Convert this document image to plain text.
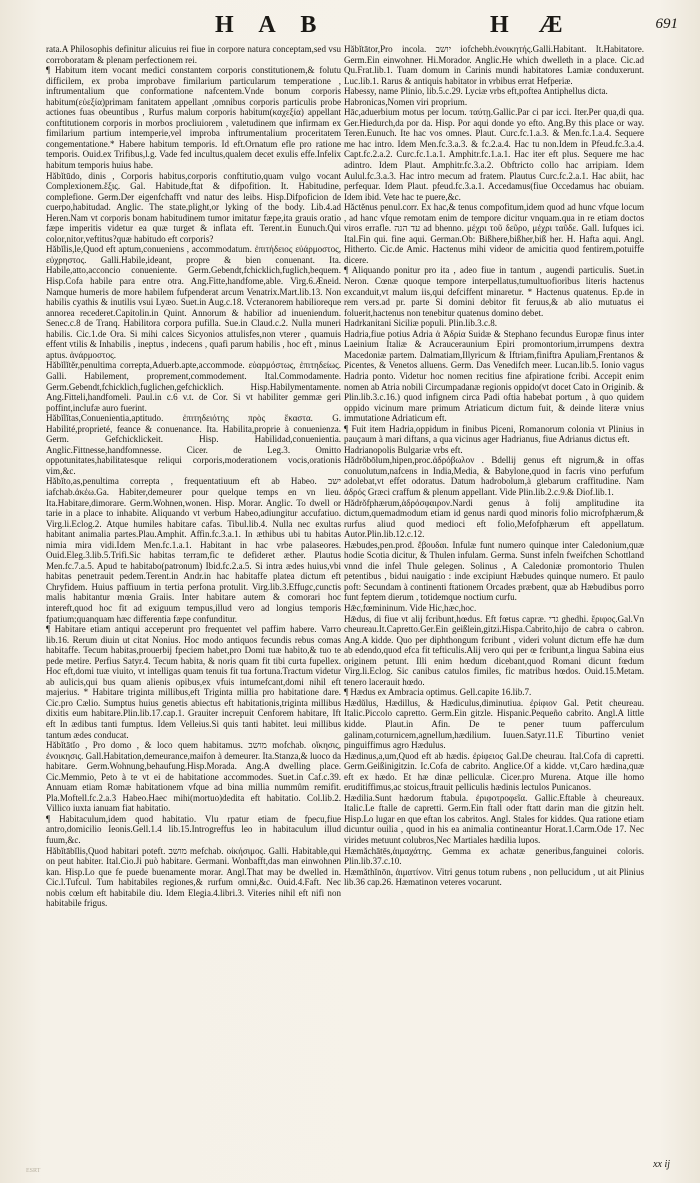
H A B	H Æ	691

rata.A Philosophis definitur alicuius rei fiue in corpore natura conceptam,sed vsu corroboratam & plenam perfectionem rei.

¶ Habitum item vocant medici constantem corporis constitutionem,& folutu difficilem, ex proba improbave fimilarium particularum temperatione , inftrumentalium que conformatione nafcentem.Vnde bonum corporis habitum(εὐεξία)primam fanitatem appellant ,omnibus corporis particulis probe actiones fuas obeuntibus , Rurfus malum corporis habitum(καχεξία) appellant conftitutionem corporis in morbos procliuiorem , valetudinem que infirmam ex fimilarium partium intemperie,vel improba inftrumentalium proceritatem congementatione.* Habere habitum temporis. Id eft.Ornatum efle pro ratione temporis. Ouid.ex Trifibus,l.g. Vade fed incultus,qualem decet exulis effe.Infelix habitum temporis huius habe.

Hăbĭtūdo, dinis , Corporis habitus,corporis conftitutio,quam vulgo vocant Complexionem.ἕξις. Gal. Habitude,ftat & difpofition. It. Habitudine, complefione. Germ.Der eigenfchafft vnd natur des leibs. Hisp.Difpoficion de cuerpo,habitudad. Anglic. The state,plight,or lyking of the body. Lib.4.ad Heren.Nam vt corporis bonam habitudinem tumor imitatur fæpe,ita grauis oratio fæpe imperitis videtur ea quæ turget & inflata eft. Terent.in Eunuch.Qui color,nitor,veftitus?quæ habitudo eft corporis?

Hăbĭlis,le,Quod eft aptum,conueniens , accommodatum. ἐπιτήδειος εὐάρμοστος, εὐχρηστος. Galli.Habile,ideant, propre & bien conuenant. Ita. Habile,atto,acconcio conueniente. Germ.Gebendt,fchicklich,fuglich,bequem. Hisp.Cofa habile para entre otra. Ang.Fitte,handfome,able. Virg.6.Æneid. Namque humeris de more habilem fufpenderat arcum Venatrix.Mart.lib.13. Non habilis cyathis & inutilis vsui Lyæo. Suet.in Aug.c.18. Vcteranorem habilioreque annorea recederet.Capitolin.in Quint. Annorum & habilior ad inueniendum. Senec.c.8 de Tranq. Habilitora corpora pufilla. Sue.in Claud.c.2. Nulla muneri habilis. Cic.1.de Ora. Si mihi calces Sicyonios attulisfes,non vterer , quamuis effent vtilis & Inhabilis , ineptus , indecens , quafi parum habilis , hoc eft , minus aptus. ἀνάρμοστος.

Hăbĭlĭtĕr,penultima correpta,Aduerb.apte,accommode. εὐαρμόστως, ἐπιτηδείως. Galli. Habilement, proprement,commodement. Ital.Commodamente. Germ.Gebendt,fchicklich,fuglichen,gefchicklich. Hisp.Habilymentamente. Ang.Fitteli,handfomeli. Paul.in c.6 v.t. de Cor. Si vt habiliter gemmæ geri poffint,inclufæ auro fuerint.

Hăbĭlĭtas,Conuenientia,aptitudo. ἐπιτηδειότης πρὸς ἕκαστα. G. Habilité,proprieté, feance & conuenance. Ita. Habilita,proprie à conuenienza. Germ. Gefchicklickeit. Hisp. Habilidad,conuenientia. Anglic.Fittnesse,handfomnesse. Cicer. de Leg.3. Omitto oppotunitates,habilitatesque reliqui corporis,moderationem vocis,orationis vim,&c.

Hăbĭto,as,penultima correpta , frequentatiuum eft ab Habeo. ישב iafchab.ἀκἐω.Ga. Habiter,demeurer pour quelque temps en vn lieu. Ita.Habitare,dimorare. Germ.Wohnen,wonen. Hisp. Morar. Anglic. To dwell or tarie in a place to inhabite. Aliquando vt verbum Habeo,adiungitur accufatiuo. Virg.li.Eclog.2. Atque humiles habitare cafas. Tibul.lib.4. Nulla nec exultas habitant animalia partes.Plau.Amphit. Affin.fc.3.a.1. In æthibus ubi tu habitas nimia mira vidi.Idem Men.fc.1.a.1. Habitant in hac vrbe palaseores. Ouid.Eleg.3.lib.5.Trifi.Sic habitas terram,fic te defideret æther. Plautus Men.fc.7.a.5. Apud te habitabo(patronum) Ibid.fc.2.a.5. Si intra ædes huius,vbi habitas penetrauit pedem.Terent.in Andr.in hac habitaffe platea dictum eft Chryfidem. Huius paffiuum in tertia perfona protulit. Virg.lib.3.Effugc,cunctis malis habitantur mœnia Graiis. Inter habitare autem & comorari hoc intereft,quod hoc fit ad exiguum tempus,illud vero ad longius temporis fpatium;quanquam hæc differentia fæpe confunditur.

¶ Habitare etiam antiqui acceperunt pro frequentet vel paffim habere. Varro lib.16. Rerum diuin ut citat Nonius. Hoc modo antiquos fecundis rebus comas habitaffe. Tecum habitas,prouerbij fpeciem habet,pro Domi tuæ habito,& tuo te pede metire. Perfius Satyr.4. Tecum habita, & noris quam fit tibi curta fupellex. Hoc eft,domi tuæ viuito, vt intelligas quam tenuis fit tua fortuna.Tractum videtur ab aulicis,qui bus quam alienis opibus,ex vfuis intumefcant,domi nihil eft majerius. * Habitare triginta millibus,eft Triginta millia pro habitatione dare. Cic.pro Cælio. Sumptus huius genetis abiectus eft habitationis,triginta millibus dixitis eum habitare.Plin.lib.17.cap.1. Grauiter increpuit Cenforem habitare, Ift eft In ædibus tanti fumptus. Idem Velleius.Si quis tanti habitet. leui millibus tantum ædes conducat.

Hăbĭtātĭo , Pro domo , & loco quem habitamus. מושב mofchab. οἴκησις, ἐνοικησις. Gall.Habitation,demeurance,maifon à demeurer. Ita.Stanza,& luoco da habitare. Germ.Wohnung,behaufung.Hisp.Morada. Ang.A dwelling place. Cic.Memmio, Peto à te vt ei de habitatione accommodes. Suet.in Caf.c.39. Annuam etiam Romæ habitationem vfque ad bina millia nummûm remifit. Pla.Moftell.fc.2.a.3 Habeo.Haec mihi(mortuo)dedita eft habitatio. Col.lib.2. Villico iuxta ianuam fiat habitatio.

¶ Habitaculum,idem quod habitatio. Vlu rpatur etiam de fpecu,fiue antro,domicilio Ieonis.Gell.1.4 lib.15.Introgreffus leo in habitaculum illud fuum,&c.

Hăbĭtābĭlis,Quod habitari poteft. מושב mefchab. οἰκήσιμος. Galli. Habitable,qui on peut habiter. Ital.Cio.Ji può habitare. Germani. Wonbafft,das man einwohnen kan. Hisp.Lo que fe puede buenamente morar. Angl.That may be dwelled in. Cic.l.Tufcul. Tum habitabiles regiones,& rurfum omni,&c. Ouid.4.Faft. Nec nobis cœlum eft habitabile diu. Idem Elegia.4.libri.3. Viteries nihil eft nifi non habitabile frigus.

Hăbĭtātor,Pro incola. יושב iofchebh.ἐνοικητής.Galli.Habitant. It.Habitatore. Germ.Ein einwohner. Hi.Morador. Anglic.He which dwelleth in a place. Cic.ad Qu.Frat.lib.1. Tuam domum in Carinis mundi habitatores Lamiæ conduxerunt. Luc.lib.1. Rarus & antiquis habitator in vrbibus errat Hefperiæ.

Habessy, name Plinio, lib.5.c.29. Lyciæ vrbs eft,poftea Antiphellus dicta.

Habronicas,Nomen viri proprium.

Hāc,aduerbium motus per locum. ταύτῃ.Gallic.Par ci par icci. Iter.Per qua,di qua. Ger.Hiedurch,da por da. Hisp. Por aqui donde yo efto. Ang.By this place or way. Teren.Eunuch. Ite hac vos omnes. Plaut. Curc.fc.1.a.3. & Men.fc.1.a.4. Sequere me hac intro. Idem Men.fc.3.a.3. & fc.2.a.4. Hac tu non.Idem in Pfeud.fc.3.a.4. Capt.fc.2.a.2. Curc.fc.1.a.1. Amphitr.fc.1.a.1. Hac iter eft plus. Sequere me hac adintro. Idem Plaut. Amphitr.fc.3.a.2. Obftricto collo hac arripiam. Idem Aulul.fc.3.a.3. Hac intro mecum ad fratem. Plautus Curc.fc.2.a.1. Hac abiit, hac perfequar. Idem Plaut. pfeud.fc.3.a.1. Accedamus(fiue Occedamus hac obuiam. Idem ibid. Vete hac te puere,&c.

Hăctĕnus penul.corr. Ex hac,& tenus compofitum,idem quod ad hunc vfque locum , ad hanc vfque remotam enim de tempore dicitur vnquam.qua in re etiam doctos viros errafle. עד הנה ad bhenno. μέχρι τοῦ δεῦρο, μέχρι ταῦδε. Gall. Iufques ici. Ital.Fin qui. fine aqui. German.Ob: Bißhere,bißher,biß her. H. Hafta aqui. Angl. Hitherto. Cic.de Amic. Hactenus mihi videor de amicitia quod fentirem,potuiffe dicere.

¶ Aliquando ponitur pro ita , adeo fiue in tantum , augendi particulis. Suet.in Neron. Cœnæ quoque tempore interpellatus,tumultuofioribus literis hactenus excanduit,vt malum iis,qui defciffent minaretur. * Hactenus quatenus. Ep.de in rem vers.ad pr. parte Si domini debitor fit feruus,& ab alio mutuatus ei foluerit,hactenus non tenebitur quatenus domino debet.

Hadrkanitani Siciliæ populi. Plin.lib.3.c.8.

Hadria,fiue potius Adria ἁ Ἀδρία Suidæ & Stephano fecundus Europæ finus inter Laeinium Italiæ & Acrauceraunium Epiri promontorium,irrumpens dextra Macedoniæ partem. Dalmatiam,Illyricum & Iftriam,finiftra Apuliam,Frentanos & Picentes, & Venetos alluens. Germ. Das Venedifch meer. Lucan.lib.5. Ionio vagus Hadria ponto. Videtur hoc nomen recitius fine afpiratione fcribi. Accepit enim nomen ab Atria nobili Circumpadanæ regionis oppido(vt docet Cato in Originib. & Plin.lib.3.c.16.) quod infignem circa Padi oftia habebat portum , à quo quidem oppido vicinum mare primum Atriaticum dictum fuit, & deinde literæ vnius immutatione Adriaticum eft.

¶ Fuit item Hadria,oppidum in finibus Piceni, Romanorum colonia vt Plinius in pauçaum à mari diftans, a qua vicinus ager Hadrianus, fiue Adrianus dictus eft.

Hadrianopolis Bulgariæ vrbs eft.

Hădrŏbōlum,hipen,proc.ἁδρόβωλον . Bdellij genus eft nigrum,& in offas conuolutum,nafcens in India,Media, & Babylone,quod in facris vino perfufum adolebat,vt effet odoratus. Datum hadrobolum,à glebarum craffitudine. Nam ἁδρός Græci craffum & plenum appellant. Vide Plin.lib.2.c.9.& Diof.lib.1.

Hădrŏfphærum,ἁδρόσφαιρον.Nardi genus à folij amplitudine ita dictum,quemadmodum etiam id genus nardi quod minoris folio microfphærum,& rurfus aliud quod medioci eft folio,Mefofphærum eft appellatum. Autor.Plin.lib.12.c.12.

Hæbudes,pen.prod. ἔβουδαι. Infulæ funt numero quinque inter Caledonium,quæ hodie Scotia dicitur, & Thulen infulam. Germa. Sunst infeln fweifchen Schottland vnnd die infel Thule gelegen. Solinus , A Caledoniæ promontorio Thulen petentibus , bidui nauigatio : inde excipiunt Hæbudes quinque numero. Et paulo poft: Secundam à continenti ftationem Orcades præbent, quæ ab Hæbudibus porro funt feptem dierum , totidemque noctium curfu.

Hǣc,fœmininum. Vide Hic,hæc,hoc.

Hǣdus, di fiue vt alij fcribunt,hœdus. Eft fœtus capræ. גדי ghedhi. ἔριφος.Gal.Vn cheureau.It.Capretto.Ger.Ein geißlein,gitzi.Hispa.Cabrito,hijo de cabra o cabron. Ang.A kidde. Quo per diphthongum fcribunt , videri volunt dictum effe hæ dum ab edendo,quod efca fit tefticulis.Alij vero qui per œ fcribunt,a lingua Sabina eius originem petunt. Illi enim hœdum dicebant,quod Romani dicunt fœdum Virg.li.Eclog. Sic canibus catulos fimiles, fic matribus hœdos. Ouid.15.Metam. tenero lacerauit hœdo.

¶ Hædus ex Ambracia optimus. Gell.capite 16.lib.7.

Hædŭlus, Hædillus, & Hædiculus,diminutiua. ἐρίφιον Gal. Petit cheureau. Italic.Piccolo capretto. Germ.Ein gitzle. Hispanic.Pequeño cabrito. Angl.A little kidde. Plaut.in Afin. De te pener tuum pafferculum galinam,coturnicem,agnellum,hædilium. Iuuen.Satyr.11.E Tiburtino veniet pinguiffimus agro Hædulus.

Hædinus,a,um,Quod eft ab hædis. ἐρίφειος Gal.De cheurau. Ital.Cofa di capretti. Germ.Geißinigitzin. Ic.Cofa de cabrito. Anglice.Of a kidde. vt,Caro hædina,quæ eft ex hædo. Et hæ dinæ pelliculæ. Cicer.pro Murena. Atque ille homo eruditiffimus,ac stoicus,ftrauit pelliculis hædinis lectulos Punicanos.

Hædilia.Sunt hædorum ftabula. ἐριφοτροφεῖα. Gallic.Eftable à cheureaux. Italic.Le ftalle de capretti. Germ.Ein ftall oder ftatt darin man die gitzin helt. Hisp.Lo lugar en que eftan los cabritos. Angl. Stales for kiddes. Qua ratione etiam dicuntur ouilia , quod in his ea animalia contineantur Horat.1.Carm.Ode 17. Nec virides metuunt colubros,Nec Martiales hædilia lupos.

Hæmăchātēs,ἁιμαχάτης. Gemma ex achatæ generibus,fanguinei coloris. Plin.lib.37.c.10.

Hæmăthĭnōn, ἁιματίνον. Vitri genus totum rubens , non pellucidum , ut ait Plinius lib.36 cap.26. Hæmatinon veteres vocarunt.

xx ij
ESRT
